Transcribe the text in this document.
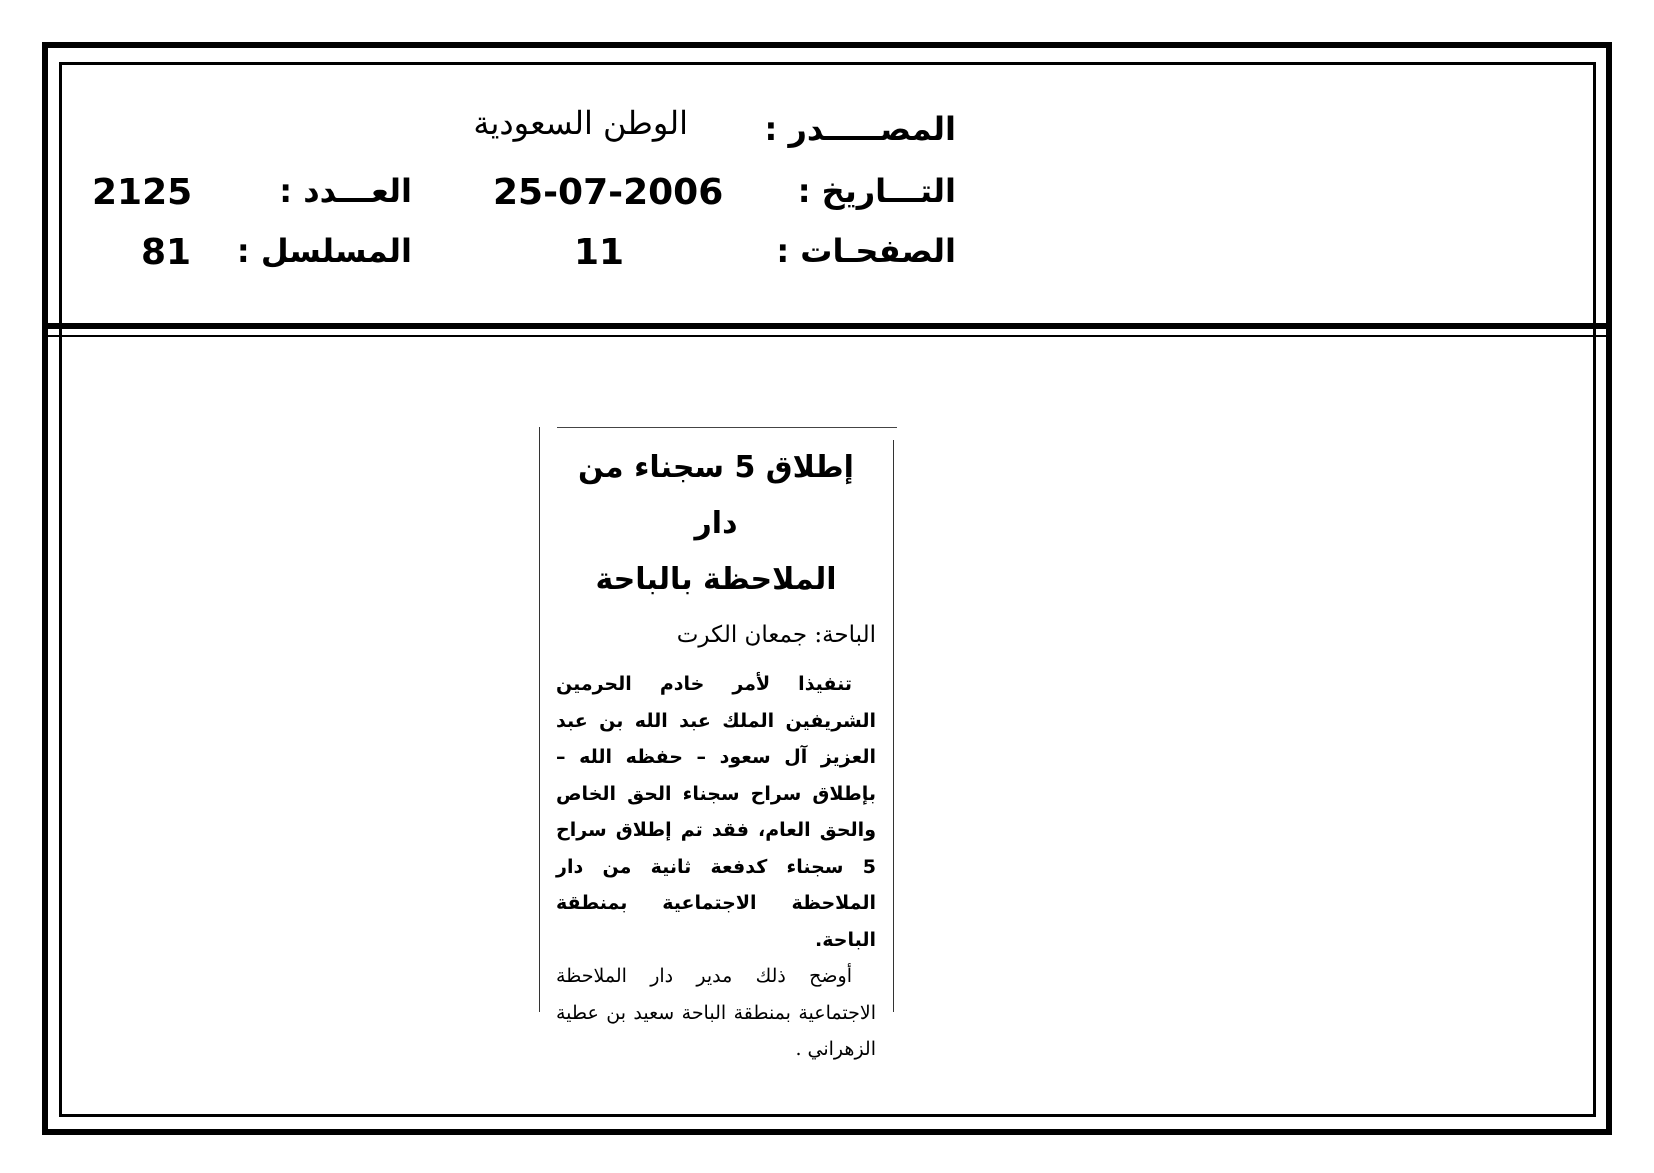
المصـــــدر :
الوطن السعودية
التـــاريخ :
25-07-2006
العـــدد :
2125
الصفحـات :
11
المسلسل :
81
إطلاق 5 سجناء من دار
الملاحظة بالباحة
الباحة: جمعان الكرت

تنفيذا لأمر خادم الحرمين الشريفين الملك عبد الله بن عبد العزيز آل سعود – حفظه الله – بإطلاق سراح سجناء الحق الخاص والحق العام، فقد تم إطلاق سراح 5 سجناء كدفعة ثانية من دار الملاحظة الاجتماعية بمنطقة الباحة.

أوضح ذلك مدير دار الملاحظة الاجتماعية بمنطقة الباحة سعيد بن عطية الزهراني .
